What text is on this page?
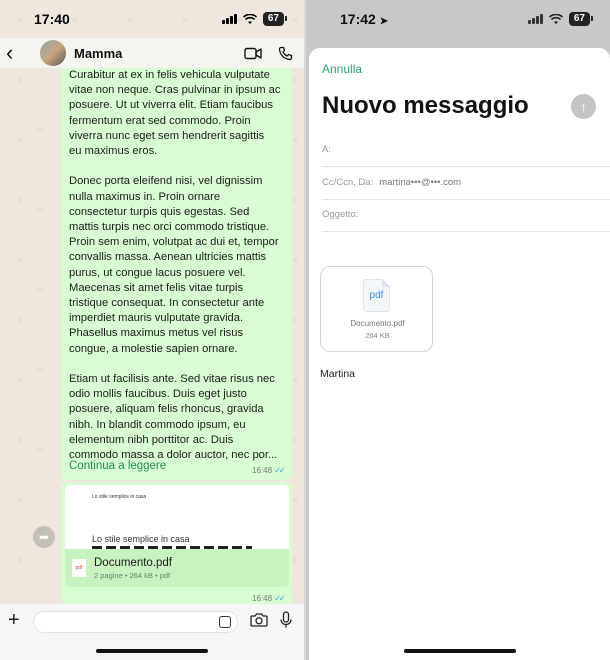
17:40	67
‹	Mamma
Curabitur at ex in felis vehicula vulputate
vitae non neque. Cras pulvinar in ipsum ac
posuere. Ut ut viverra elit. Etiam faucibus
fermentum erat sed commodo. Proin
viverra nunc eget sem hendrerit sagittis
eu maximus eros.

Donec porta eleifend nisi, vel dignissim
nulla maximus in. Proin ornare
consectetur turpis quis egestas. Sed
mattis turpis nec orci commodo tristique.
Proin sem enim, volutpat ac dui et, tempor
convallis massa. Aenean ultricies mattis
purus, ut congue lacus posuere vel.
Maecenas sit amet felis vitae turpis
tristique consequat. In consectetur ante
imperdiet mauris vulputate gravida.
Phasellus maximus metus vel risus
congue, a molestie sapien ornare.

Etiam ut facilisis ante. Sed vitae risus nec
odio mollis faucibus. Duis eget justo
posuere, aliquam felis rhoncus, gravida
nibh. In blandit commodo ipsum, eu
elementum nibh porttitor ac. Duis
commodo massa a dolor auctor, nec por...
Continua a leggere	16:48 ✓✓
Lo stile semplice in casa
Lo stile semplice in casa
pdf	Documento.pdf
2 pagine • 264 kB • pdf
16:48 ✓✓
➦
+
17:42 ➤	67
Annulla
Nuovo messaggio	↑
A:
Cc/Ccn, Da: martina•••@•••.com
Oggetto:
pdf
Documento.pdf
264 KB
Martina
